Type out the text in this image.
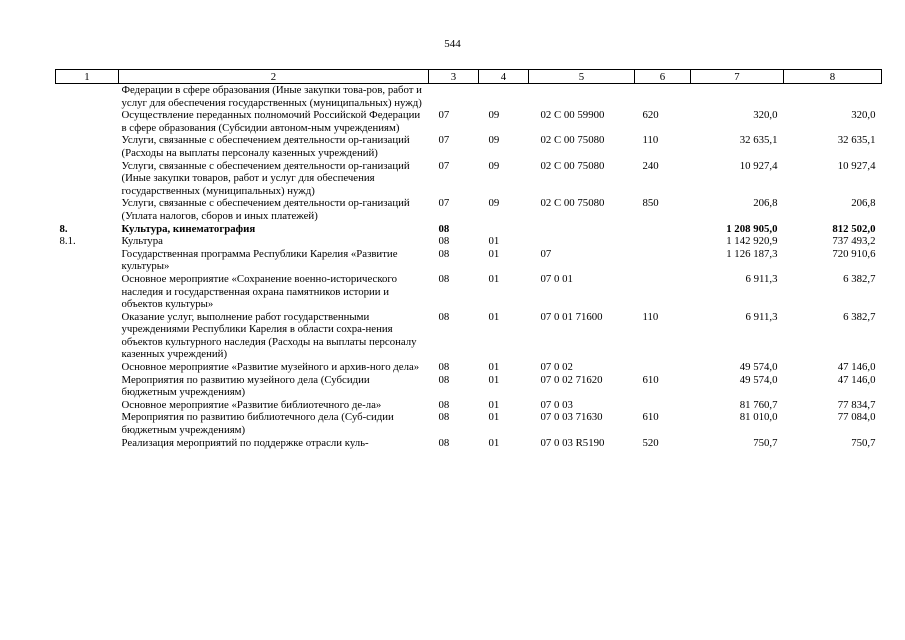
544
1	2	3	4	5	6	7	8
	Федерации в сфере образования (Иные закупки това-ров, работ и услуг для обеспечения государственных (муниципальных) нужд)						
	Осуществление переданных полномочий Российской Федерации в сфере образования (Субсидии автоном-ным учреждениям)	07	09	02 С 00 59900	620	320,0	320,0
	Услуги, связанные с обеспечением деятельности ор-ганизаций (Расходы на выплаты персоналу казенных учреждений)	07	09	02 С 00 75080	110	32 635,1	32 635,1
	Услуги, связанные с обеспечением деятельности ор-ганизаций (Иные закупки товаров, работ и услуг для обеспечения государственных (муниципальных) нужд)	07	09	02 С 00 75080	240	10 927,4	10 927,4
	Услуги, связанные с обеспечением деятельности ор-ганизаций (Уплата налогов, сборов и иных платежей)	07	09	02 С 00 75080	850	206,8	206,8
8.	Культура, кинематография	08				1 208 905,0	812 502,0
8.1.	Культура	08	01			1 142 920,9	737 493,2
	Государственная программа Республики Карелия «Развитие культуры»	08	01	07		1 126 187,3	720 910,6
	Основное мероприятие «Сохранение военно-исторического наследия и государственная охрана памятников истории и объектов культуры»	08	01	07 0 01		6 911,3	6 382,7
	Оказание услуг, выполнение работ государственными учреждениями Республики Карелия в области сохра-нения объектов культурного наследия (Расходы на выплаты персоналу казенных учреждений)	08	01	07 0 01 71600	110	6 911,3	6 382,7
	Основное мероприятие «Развитие музейного и архив-ного дела»	08	01	07 0 02		49 574,0	47 146,0
	Мероприятия по развитию музейного дела (Субсидии бюджетным учреждениям)	08	01	07 0 02 71620	610	49 574,0	47 146,0
	Основное мероприятие «Развитие библиотечного де-ла»	08	01	07 0 03		81 760,7	77 834,7
	Мероприятия по развитию библиотечного дела (Суб-сидии бюджетным учреждениям)	08	01	07 0 03 71630	610	81 010,0	77 084,0
	Реализация мероприятий по поддержке отрасли куль-	08	01	07 0 03 R5190	520	750,7	750,7
